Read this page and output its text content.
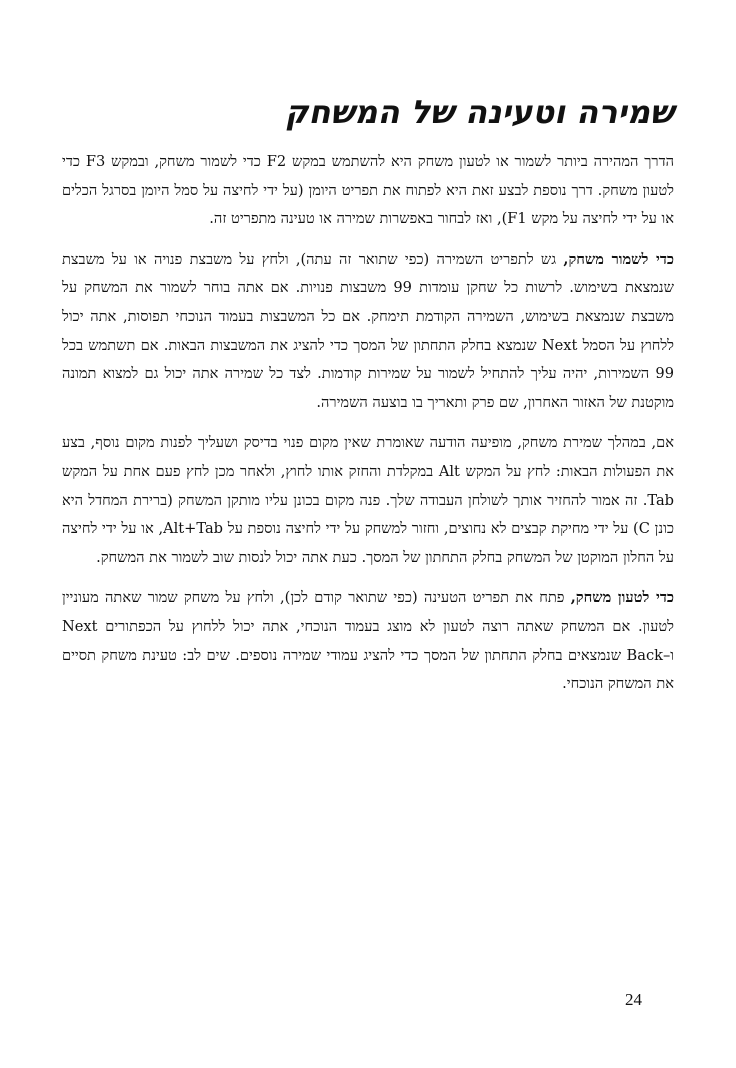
שמירה וטעינה של המשחק

הדרך המהירה ביותר לשמור או לטעון משחק היא להשתמש במקש F2 כדי לשמור משחק, ובמקש F3 כדי לטעון משחק. דרך נוספת לבצע זאת היא לפתוח את תפריט היומן (על ידי לחיצה על סמל היומן בסרגל הכלים או על ידי לחיצה על מקש F1), ואז לבחור באפשרות שמירה או טעינה מתפריט זה.

כדי לשמור משחק, גש לתפריט השמירה (כפי שתואר זה עתה), ולחץ על משבצת פנויה או על משבצת שנמצאת בשימוש. לרשות כל שחקן עומדות 99 משבצות פנויות. אם אתה בוחר לשמור את המשחק על משבצת שנמצאת בשימוש, השמירה הקודמת תימחק. אם כל המשבצות בעמוד הנוכחי תפוסות, אתה יכול ללחוץ על הסמל Next שנמצא בחלק התחתון של המסך כדי להציג את המשבצות הבאות. אם תשתמש בכל 99 השמירות, יהיה עליך להתחיל לשמור על שמירות קודמות. לצד כל שמירה אתה יכול גם למצוא תמונה מוקטנת של האזור האחרון, שם פרק ותאריך בו בוצעה השמירה.

אם, במהלך שמירת משחק, מופיעה הודעה שאומרת שאין מקום פנוי בדיסק ושעליך לפנות מקום נוסף, בצע את הפעולות הבאות: לחץ על המקש Alt במקלדת והחזק אותו לחוץ, ולאחר מכן לחץ פעם אחת על המקש Tab. זה אמור להחזיר אותך לשולחן העבודה שלך. פנה מקום בכונן עליו מותקן המשחק (ברירת המחדל היא כונן C) על ידי מחיקת קבצים לא נחוצים, וחזור למשחק על ידי לחיצה נוספת על Alt+Tab, או על ידי לחיצה על החלון המוקטן של המשחק בחלק התחתון של המסך. כעת אתה יכול לנסות שוב לשמור את המשחק.

כדי לטעון משחק, פתח את תפריט הטעינה (כפי שתואר קודם לכן), ולחץ על משחק שמור שאתה מעוניין לטעון. אם המשחק שאתה רוצה לטעון לא מוצג בעמוד הנוכחי, אתה יכול ללחוץ על הכפתורים Next ו–Back שנמצאים בחלק התחתון של המסך כדי להציג עמודי שמירה נוספים. שים לב: טעינת משחק תסיים את המשחק הנוכחי.

24
